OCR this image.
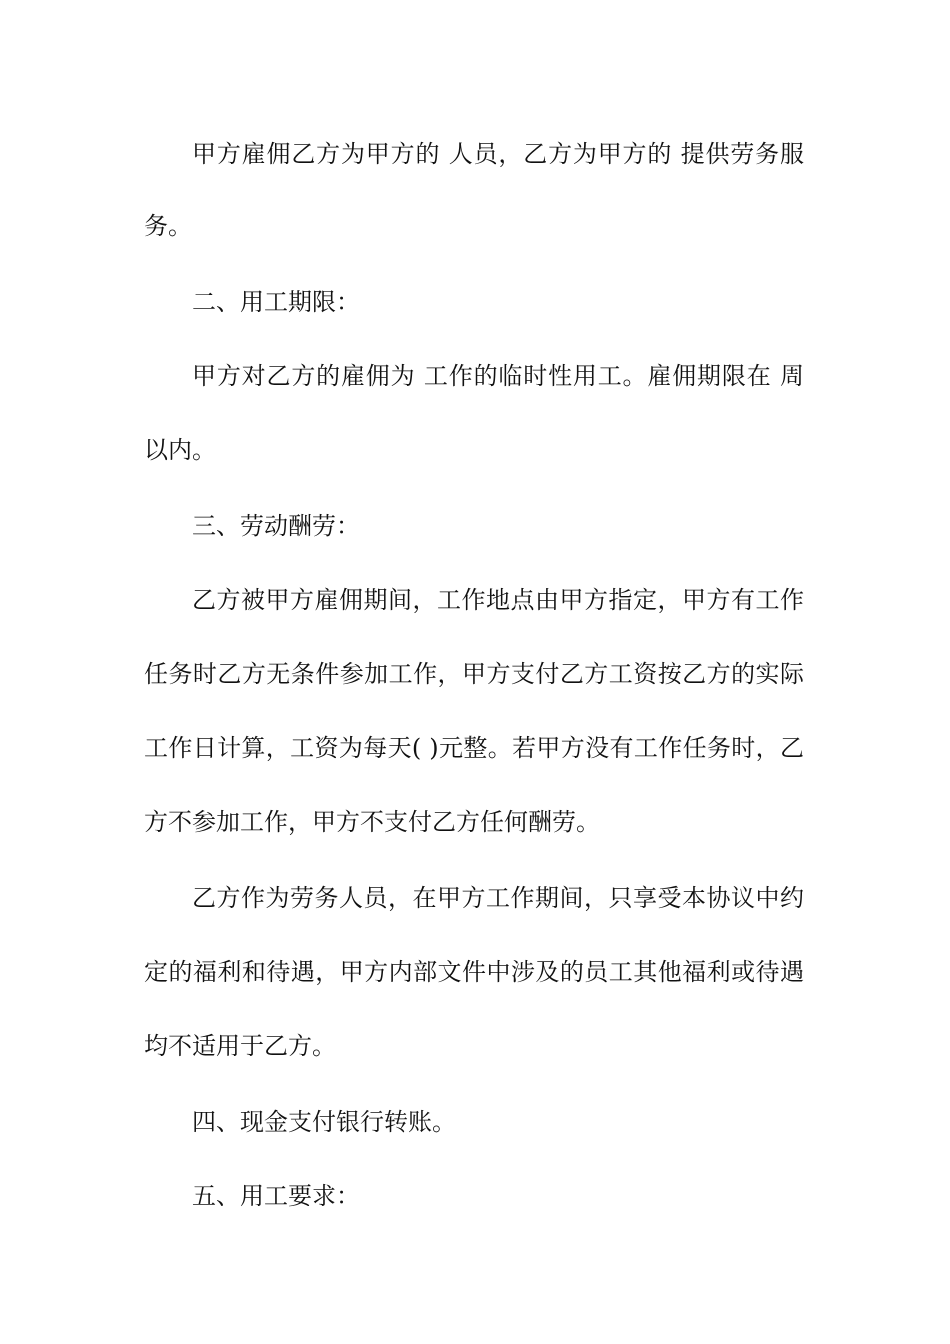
甲方雇佣乙方为甲方的 人员，乙方为甲方的 提供劳务服
务。
二、用工期限：
甲方对乙方的雇佣为 工作的临时性用工。雇佣期限在 周
以内。
三、劳动酬劳：
乙方被甲方雇佣期间，工作地点由甲方指定，甲方有工作
任务时乙方无条件参加工作，甲方支付乙方工资按乙方的实际
工作日计算，工资为每天( )元整。若甲方没有工作任务时，乙
方不参加工作，甲方不支付乙方任何酬劳。
乙方作为劳务人员，在甲方工作期间，只享受本协议中约
定的福利和待遇，甲方内部文件中涉及的员工其他福利或待遇
均不适用于乙方。
四、现金支付银行转账。
五、用工要求：
